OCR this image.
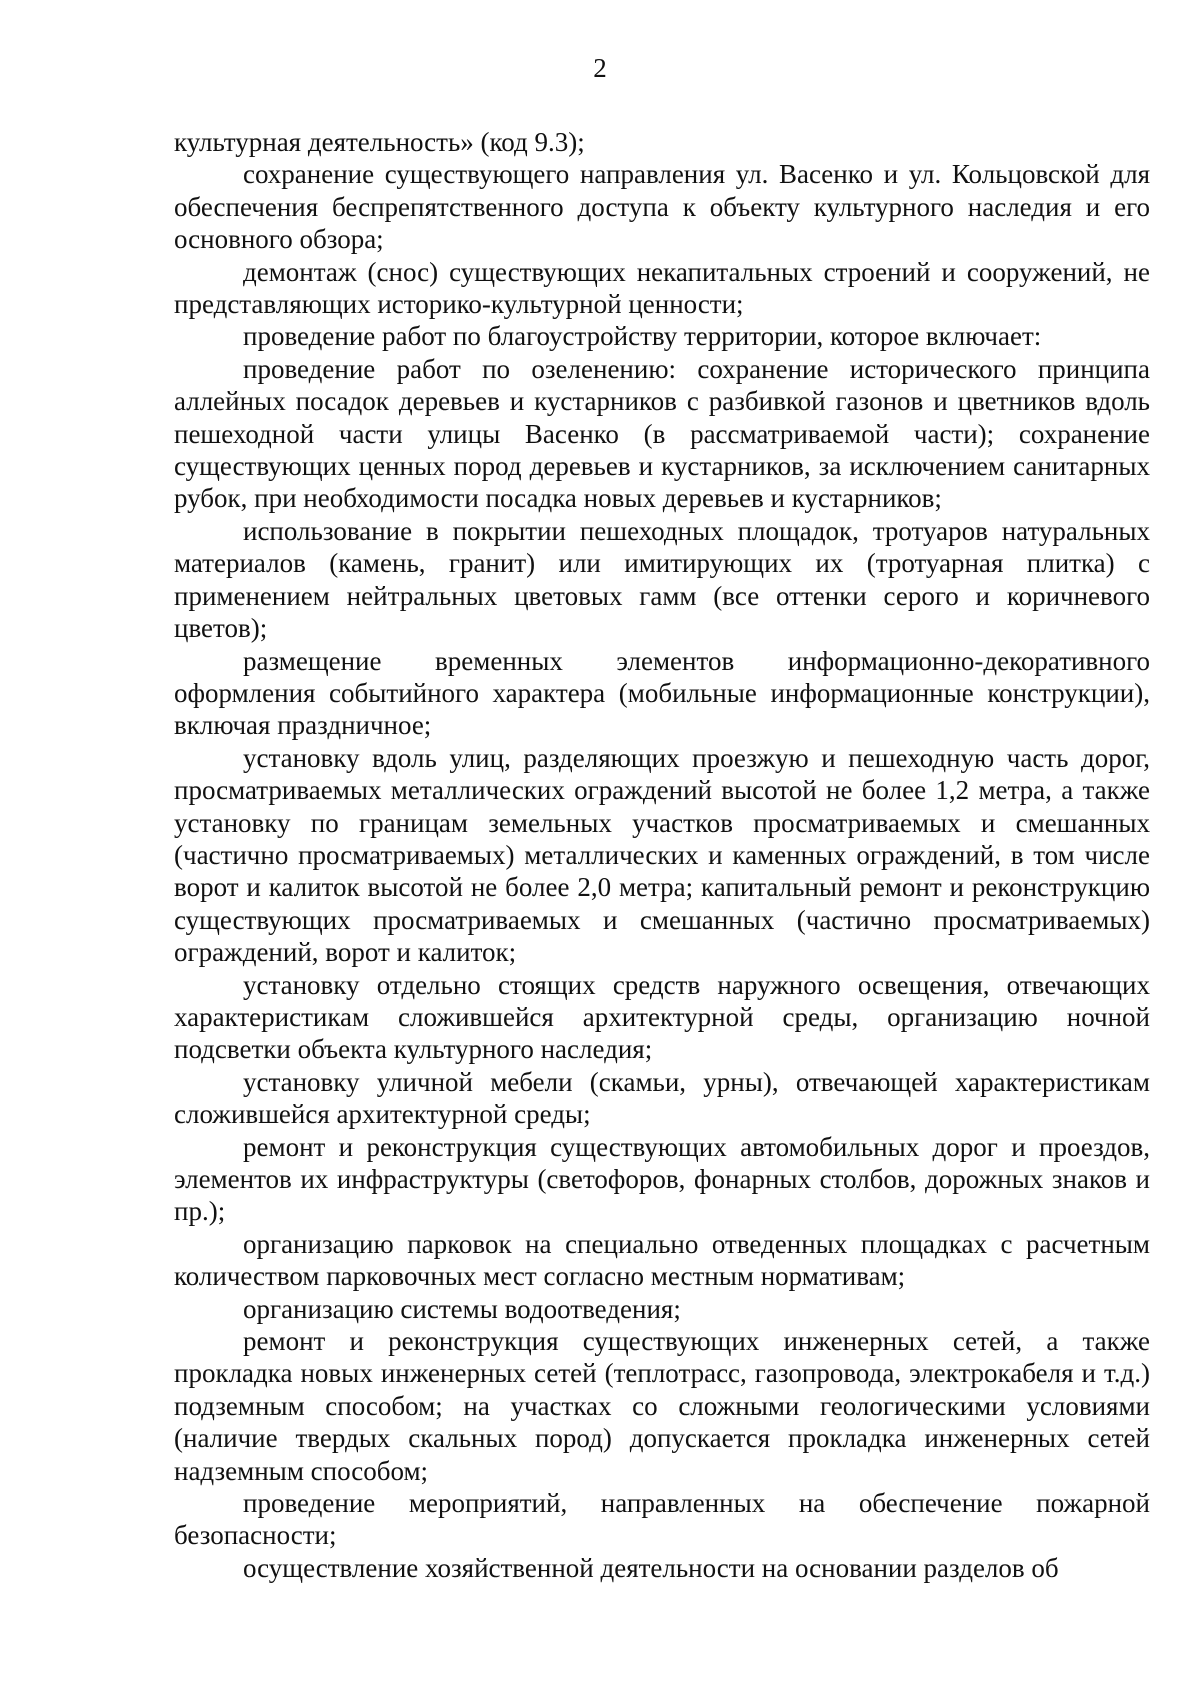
2

культурная деятельность» (код 9.3);

сохранение существующего направления ул. Васенко и ул. Кольцовской для обеспечения беспрепятственного доступа к объекту культурного наследия и его основного обзора;

демонтаж (снос) существующих некапитальных строений и сооружений, не представляющих историко-культурной ценности;

проведение работ по благоустройству территории, которое включает:

проведение работ по озеленению: сохранение исторического принципа аллейных посадок деревьев и кустарников с разбивкой газонов и цветников вдоль пешеходной части улицы Васенко (в рассматриваемой части); сохранение существующих ценных пород деревьев и кустарников, за исключением санитарных рубок, при необходимости посадка новых деревьев и кустарников;

использование в покрытии пешеходных площадок, тротуаров натуральных материалов (камень, гранит) или имитирующих их (тротуарная плитка) с применением нейтральных цветовых гамм (все оттенки серого и коричневого цветов);

размещение временных элементов информационно-декоративного оформления событийного характера (мобильные информационные конструкции), включая праздничное;

установку вдоль улиц, разделяющих проезжую и пешеходную часть дорог, просматриваемых металлических ограждений высотой не более 1,2 метра, а также установку по границам земельных участков просматриваемых и смешанных (частично просматриваемых) металлических и каменных ограждений, в том числе ворот и калиток высотой не более 2,0 метра; капитальный ремонт и реконструкцию существующих просматриваемых и смешанных (частично просматриваемых) ограждений, ворот и калиток;

установку отдельно стоящих средств наружного освещения, отвечающих характеристикам сложившейся архитектурной среды, организацию ночной подсветки объекта культурного наследия;

установку уличной мебели (скамьи, урны), отвечающей характеристикам сложившейся архитектурной среды;

ремонт и реконструкция существующих автомобильных дорог и проездов, элементов их инфраструктуры (светофоров, фонарных столбов, дорожных знаков и пр.);

организацию парковок на специально отведенных площадках с расчетным количеством парковочных мест согласно местным нормативам;

организацию системы водоотведения;

ремонт и реконструкция существующих инженерных сетей, а также прокладка новых инженерных сетей (теплотрасс, газопровода, электрокабеля и т.д.) подземным способом; на участках со сложными геологическими условиями (наличие твердых скальных пород) допускается прокладка инженерных сетей надземным способом;

проведение мероприятий, направленных на обеспечение пожарной безопасности;

осуществление хозяйственной деятельности на основании разделов об
